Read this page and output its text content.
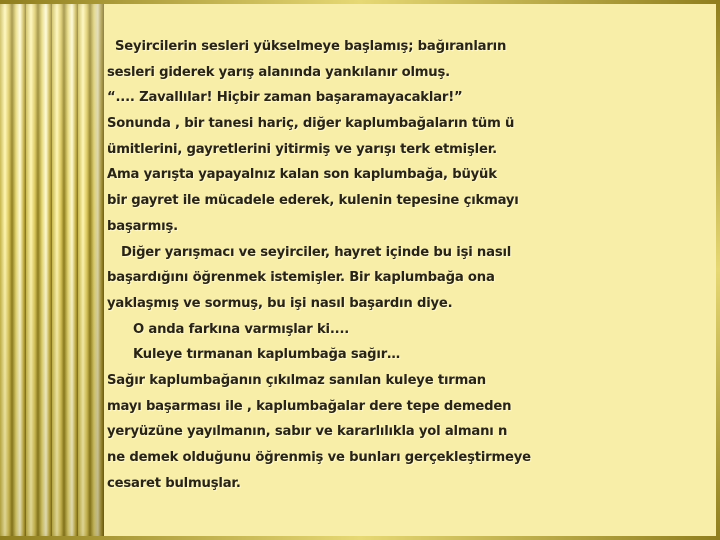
Seyircilerin sesleri yükselmeye başlamış; bağıranların
sesleri giderek yarış alanında yankılanır olmuş.
“.... Zavallılar! Hiçbir zaman başaramayacaklar!”
Sonunda , bir tanesi hariç, diğer kaplumbağaların tüm ü
ümitlerini, gayretlerini yitirmiş ve yarışı terk etmişler.
Ama yarışta yapayalnız kalan son kaplumbağa, büyük
bir gayret ile mücadele ederek, kulenin tepesine çıkmayı
başarmış.
Diğer yarışmacı ve seyirciler, hayret içinde bu işi nasıl
başardığını öğrenmek istemişler. Bir kaplumbağa ona
yaklaşmış ve sormuş, bu işi nasıl başardın diye.
O anda farkına varmışlar ki....
Kuleye tırmanan kaplumbağa sağır…
Sağır kaplumbağanın çıkılmaz sanılan kuleye tırman
mayı başarması ile , kaplumbağalar dere tepe demeden
yeryüzüne yayılmanın, sabır ve kararlılıkla yol almanı n
ne demek olduğunu öğrenmiş ve bunları gerçekleştirmeye
cesaret bulmuşlar.
